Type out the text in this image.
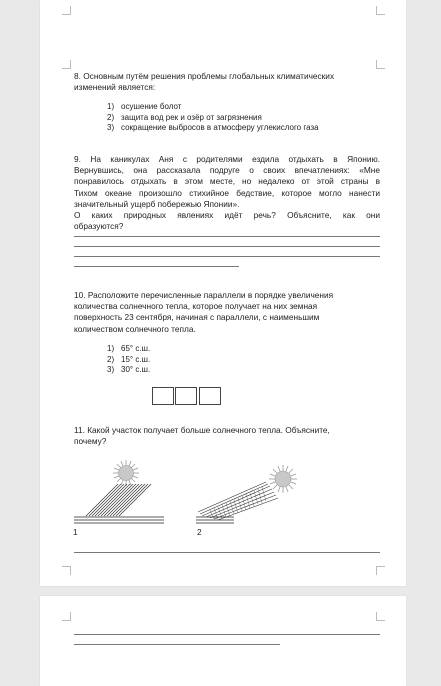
8. Основным путём решения проблемы глобальных климатических изменений является:
1) осушение болот
2) защита вод рек и озёр от загрязнения
3) сокращение выбросов в атмосферу углекислого газа
9. На каникулах Аня с родителями ездила отдыхать в Японию.
Вернувшись, она рассказала подруге о своих впечатлениях: «Мне
понравилось отдыхать в этом месте, но недалеко от этой страны в
Тихом океане произошло стихийное бедствие, которое могло нанести
значительный ущерб побережью Японии».
О каких природных явлениях идёт речь? Объясните, как они
образуются?
10. Расположите перечисленные параллели в порядке увеличения количества солнечного тепла, которое получает на них земная поверхность 23 сентября, начиная с параллели, с наименьшим количеством солнечного тепла.
1) 65° с.ш.
2) 15° с.ш.
3) 30° с.ш.
11. Какой участок получает больше солнечного тепла. Объясните, почему?
1	2
